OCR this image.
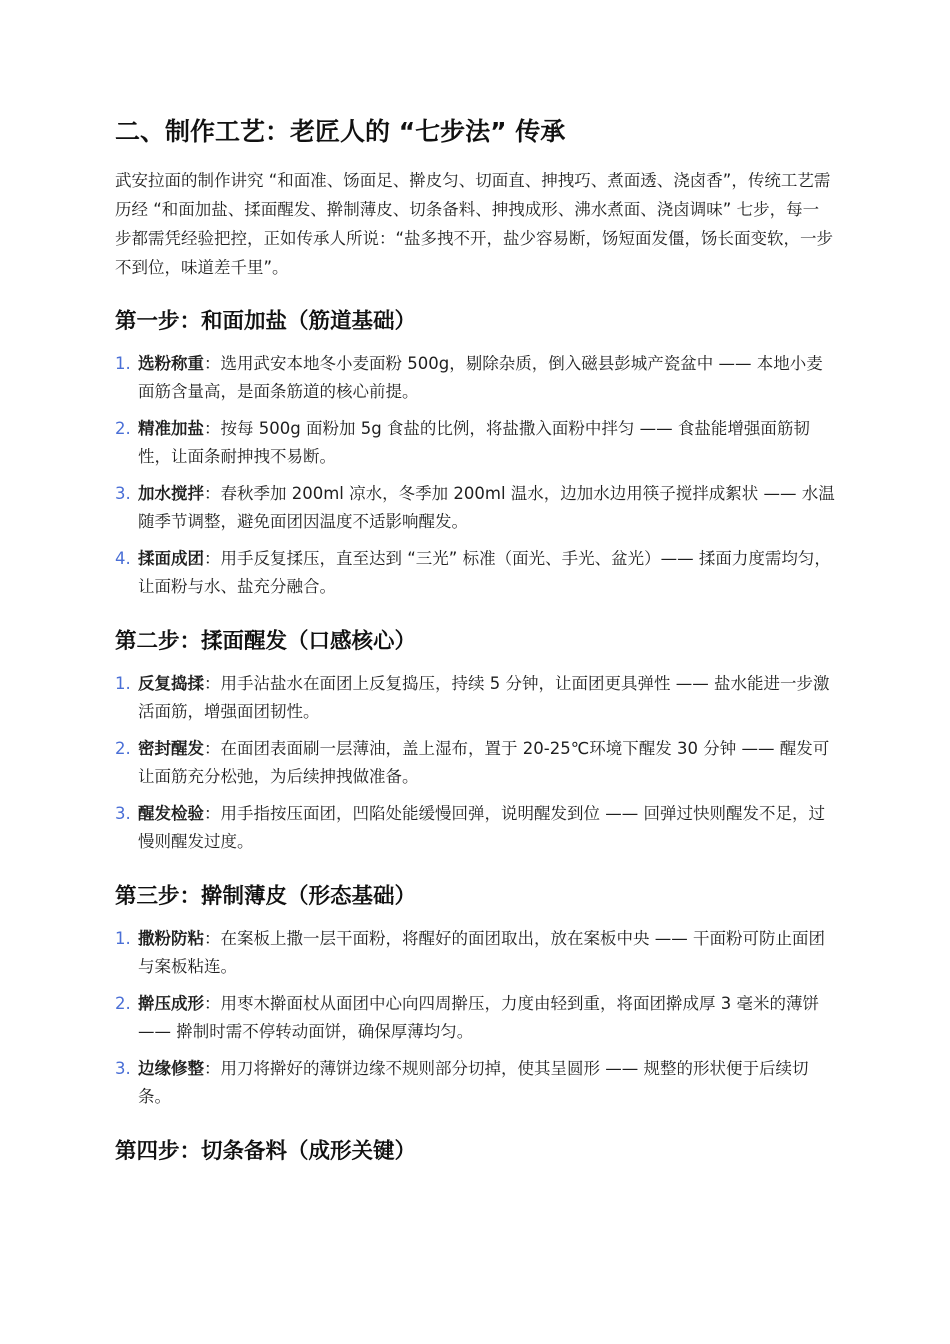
二、制作工艺：老匠人的 “七步法” 传承

武安拉面的制作讲究 “和面准、饧面足、擀皮匀、切面直、抻拽巧、煮面透、浇卤香”，传统工艺需历经 “和面加盐、揉面醒发、擀制薄皮、切条备料、抻拽成形、沸水煮面、浇卤调味” 七步，每一步都需凭经验把控，正如传承人所说：“盐多拽不开，盐少容易断，饧短面发僵，饧长面变软，一步不到位，味道差千里”。

第一步：和面加盐（筋道基础）
1. 选粉称重：选用武安本地冬小麦面粉 500g，剔除杂质，倒入磁县彭城产瓷盆中 —— 本地小麦面筋含量高，是面条筋道的核心前提。
2. 精准加盐：按每 500g 面粉加 5g 食盐的比例，将盐撒入面粉中拌匀 —— 食盐能增强面筋韧性，让面条耐抻拽不易断。
3. 加水搅拌：春秋季加 200ml 凉水，冬季加 200ml 温水，边加水边用筷子搅拌成絮状 —— 水温随季节调整，避免面团因温度不适影响醒发。
4. 揉面成团：用手反复揉压，直至达到 “三光” 标准（面光、手光、盆光）—— 揉面力度需均匀，让面粉与水、盐充分融合。
第二步：揉面醒发（口感核心）
1. 反复捣揉：用手沾盐水在面团上反复捣压，持续 5 分钟，让面团更具弹性 —— 盐水能进一步激活面筋，增强面团韧性。
2. 密封醒发：在面团表面刷一层薄油，盖上湿布，置于 20-25℃环境下醒发 30 分钟 —— 醒发可让面筋充分松弛，为后续抻拽做准备。
3. 醒发检验：用手指按压面团，凹陷处能缓慢回弹，说明醒发到位 —— 回弹过快则醒发不足，过慢则醒发过度。
第三步：擀制薄皮（形态基础）
1. 撒粉防粘：在案板上撒一层干面粉，将醒好的面团取出，放在案板中央 —— 干面粉可防止面团与案板粘连。
2. 擀压成形：用枣木擀面杖从面团中心向四周擀压，力度由轻到重，将面团擀成厚 3 毫米的薄饼 —— 擀制时需不停转动面饼，确保厚薄均匀。
3. 边缘修整：用刀将擀好的薄饼边缘不规则部分切掉，使其呈圆形 —— 规整的形状便于后续切条。
第四步：切条备料（成形关键）
